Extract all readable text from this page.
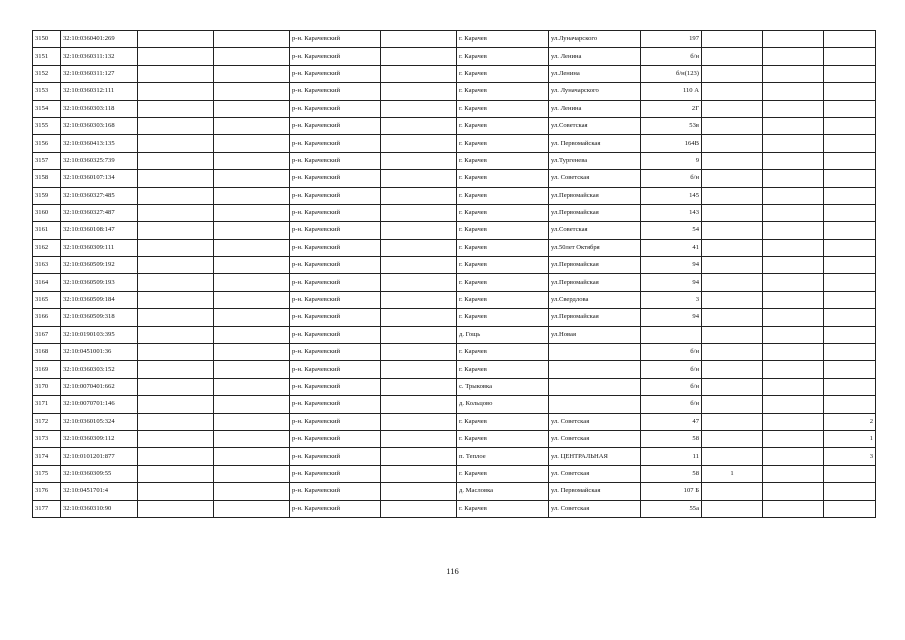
3150	32:10:0360401:269			р-н. Карачевский		г. Карачев	ул.Луначарского	197			
3151	32:10:0360311:132			р-н. Карачевский		г. Карачев	ул. Ленина	б/н			
3152	32:10:0360311:127			р-н. Карачевский		г. Карачев	ул.Ленина	б/н(123)			
3153	32:10:0360312:111			р-н. Карачевский		г. Карачев	ул. Луначарского	110 А			
3154	32:10:0360303:118			р-н. Карачевский		г. Карачев	ул. Ленина	2Г			
3155	32:10:0360303:168			р-н. Карачевский		г. Карачев	ул.Советская	53в			
3156	32:10:0360413:135			р-н. Карачевский		г. Карачев	ул. Первомайская	164В			
3157	32:10:0360325:739			р-н. Карачевский		г. Карачев	ул.Тургенева	9			
3158	32:10:0360107:134			р-н. Карачевский		г. Карачев	ул. Советская	б/н			
3159	32:10:0360327:485			р-н. Карачевский		г. Карачев	ул.Первомайская	145			
3160	32:10:0360327:487			р-н. Карачевский		г. Карачев	ул.Первомайская	143			
3161	32:10:0360108:147			р-н. Карачевский		г. Карачев	ул.Советская	54			
3162	32:10:0360309:111			р-н. Карачевский		г. Карачев	ул.50лет Октября	41			
3163	32:10:0360509:192			р-н. Карачевский		г. Карачев	ул.Первомайская	94			
3164	32:10:0360509:193			р-н. Карачевский		г. Карачев	ул.Первомайская	94			
3165	32:10:0360509:184			р-н. Карачевский		г. Карачев	ул.Свердлова	3			
3166	32:10:0360509:318			р-н. Карачевский		г. Карачев	ул.Первомайская	94			
3167	32:10:0190103:395			р-н. Карачевский		д. Гощь	ул.Новая				
3168	32:10:0451001:36			р-н. Карачевский		г. Карачев		б/н			
3169	32:10:0360303:152			р-н. Карачевский		г. Карачев		б/н			
3170	32:10:0070401:662			р-н. Карачевский		с. Трыковка		б/н			
3171	32:10:0070701:146			р-н. Карачевский		д. Кольцово		б/н			
3172	32:10:0360105:324			р-н. Карачевский		г. Карачев	ул. Советская	47			2
3173	32:10:0360309:112			р-н. Карачевский		г. Карачев	ул. Советская	58			1
3174	32:10:0101201:877			р-н. Карачевский		п. Теплое	ул. ЦЕНТРАЛЬНАЯ	11			3
3175	32:10:0360309:55			р-н. Карачевский		г. Карачев	ул. Советская	58	1		
3176	32:10:0451701:4			р-н. Карачевский		д. Масловка	ул. Первомайская	107 Б			
3177	32:10:0360310:90			р-н. Карачевский		г. Карачев	ул. Советская	55а			
116
